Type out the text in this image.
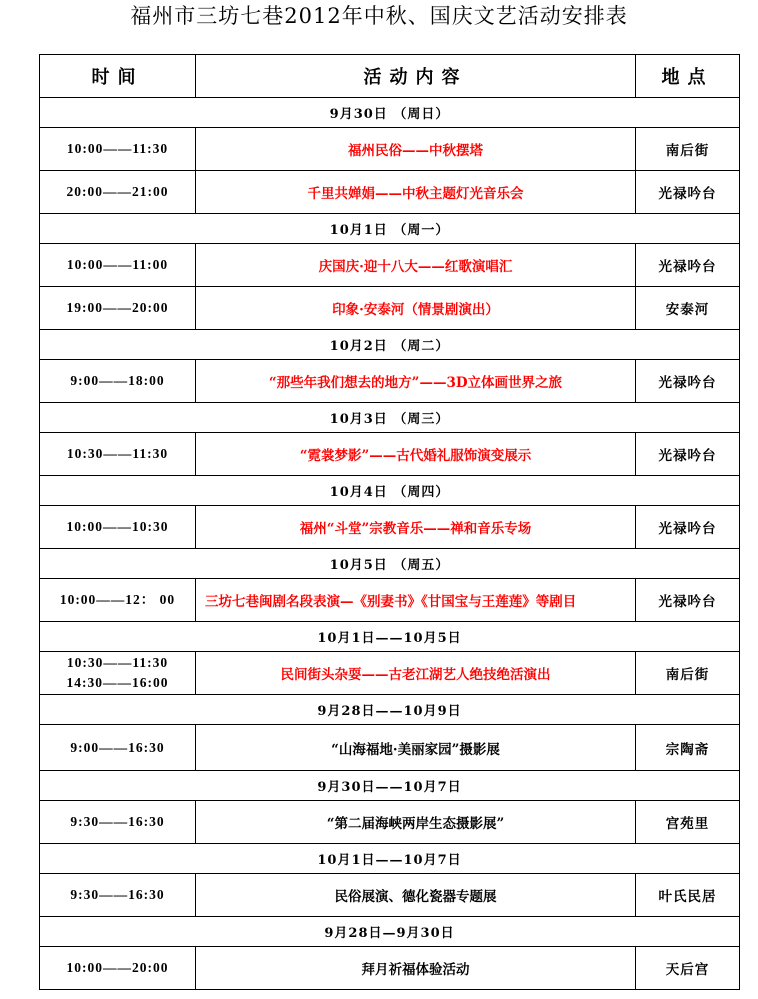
福州市三坊七巷2012年中秋、国庆文艺活动安排表
时间	活动内容	地点
9月30日 （周日）		

10:00——11:30	福州民俗——中秋摆塔	南后街

20:00——21:00	千里共婵娟——中秋主题灯光音乐会	光禄吟台
10月1日 （周一）		

10:00——11:00	庆国庆·迎十八大——红歌演唱汇	光禄吟台

19:00——20:00	印象·安泰河（情景剧演出）	安泰河
10月2日 （周二）		

9:00——18:00	“那些年我们想去的地方”——3D立体画世界之旅	光禄吟台
10月3日 （周三）		

10:30——11:30	“霓裳梦影”——古代婚礼服饰演变展示	光禄吟台
10月4日 （周四）		

10:00——10:30	福州“斗堂”宗教音乐——禅和音乐专场	光禄吟台
10月5日 （周五）		

10:00——12： 00	三坊七巷闽剧名段表演—《别妻书》《甘国宝与王莲莲》等剧目	光禄吟台
10月1日——10月5日		

10:30——11:30
14:30——16:00	民间街头杂耍——古老江湖艺人绝技绝活演出	南后街
9月28日——10月9日		

9:00——16:30	“山海福地·美丽家园”摄影展	宗陶斋
9月30日——10月7日		

9:30——16:30	“第二届海峡两岸生态摄影展”	宫苑里
10月1日——10月7日		

9:30——16:30	民俗展演、德化瓷器专题展	叶氏民居
9月28日—9月30日		

10:00——20:00	拜月祈福体验活动	天后宫
